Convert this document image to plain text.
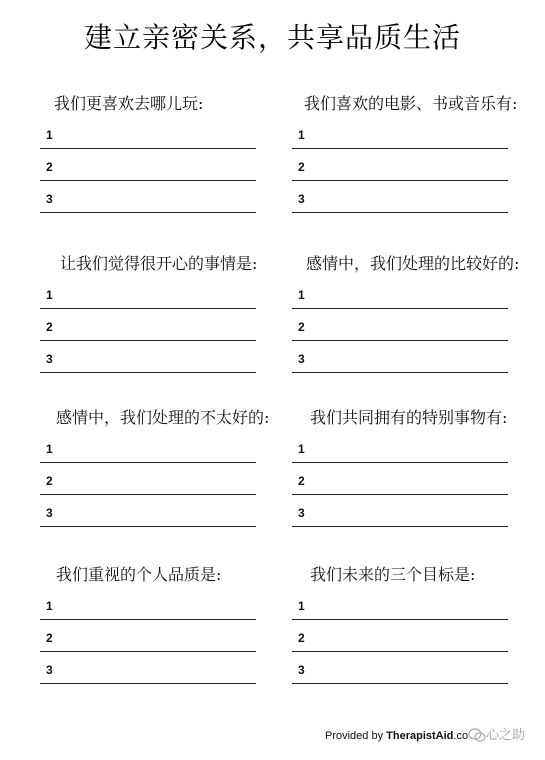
建立亲密关系，共享品质生活
我们更喜欢去哪儿玩:
1
2
3
我们喜欢的电影、书或音乐有:
1
2
3
让我们觉得很开心的事情是:
1
2
3
感情中，我们处理的比较好的:
1
2
3
感情中，我们处理的不太好的:
1
2
3
我们共同拥有的特别事物有:
1
2
3
我们重视的个人品质是:
1
2
3
我们未来的三个目标是:
1
2
3
Provided by TherapistAid.co 心之助
